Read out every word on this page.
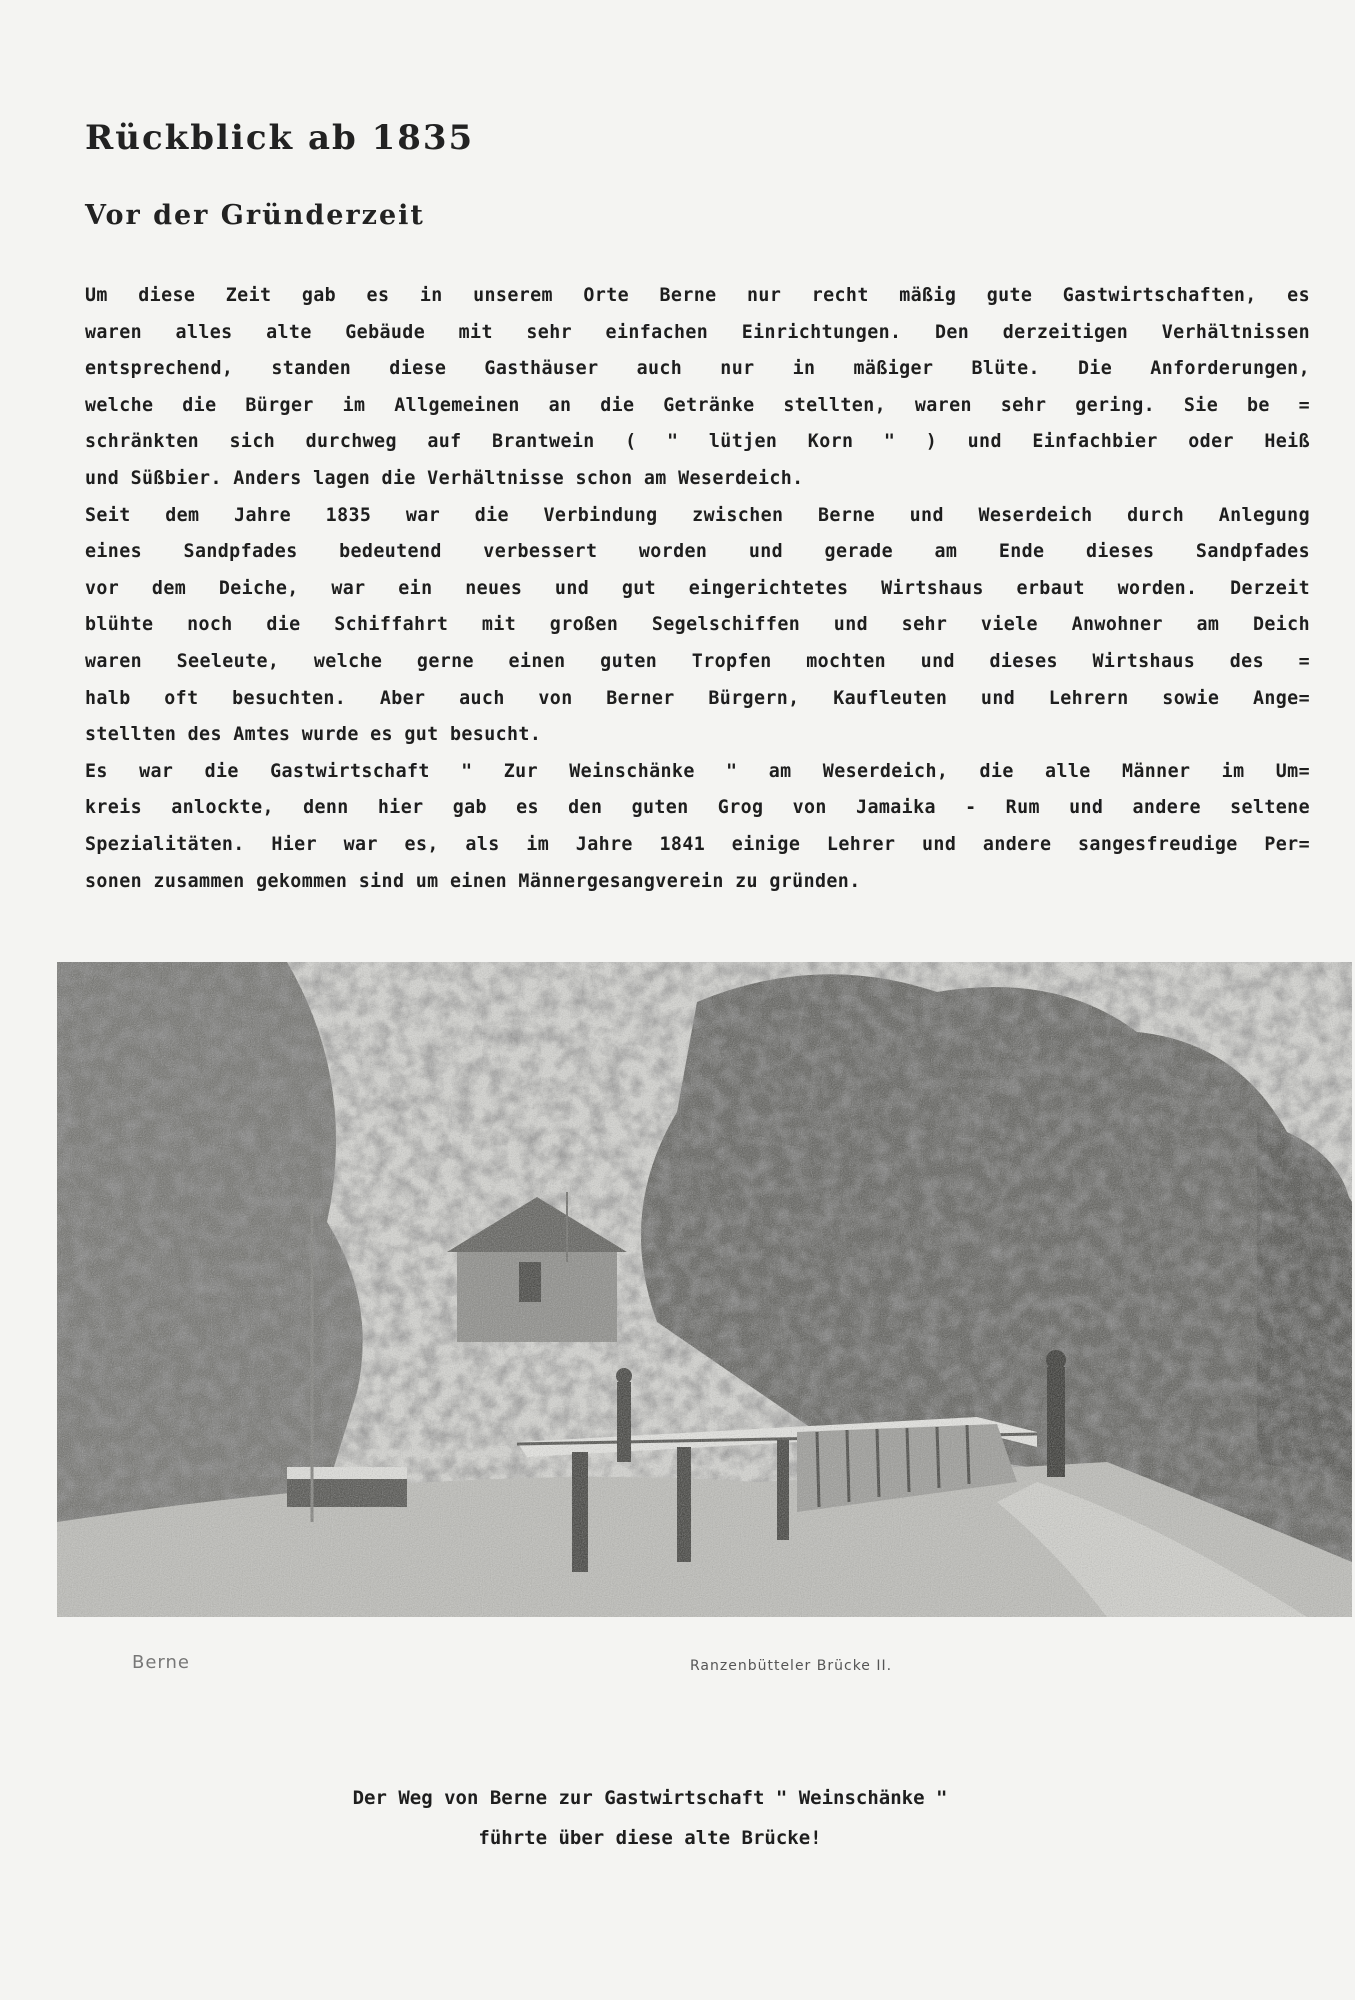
Rückblick ab 1835
Vor der Gründerzeit
Um diese Zeit gab es in unserem Orte Berne nur recht mäßig gute Gastwirtschaften, es
waren alles alte Gebäude mit sehr einfachen Einrichtungen. Den derzeitigen Verhältnissen
entsprechend, standen diese Gasthäuser auch nur in mäßiger Blüte. Die Anforderungen,
welche die Bürger im Allgemeinen an die Getränke stellten, waren sehr gering. Sie be =
schränkten sich durchweg auf Brantwein ( " lütjen Korn " ) und Einfachbier oder Heiß
und Süßbier. Anders lagen die Verhältnisse schon am Weserdeich.
Seit dem Jahre 1835 war die Verbindung zwischen Berne und Weserdeich durch Anlegung
eines Sandpfades bedeutend verbessert worden und gerade am Ende dieses Sandpfades
vor dem Deiche, war ein neues und gut eingerichtetes Wirtshaus erbaut worden. Derzeit
blühte noch die Schiffahrt mit großen Segelschiffen und sehr viele Anwohner am Deich
waren Seeleute, welche gerne einen guten Tropfen mochten und dieses Wirtshaus des =
halb oft besuchten. Aber auch von Berner Bürgern, Kaufleuten und Lehrern sowie Ange=
stellten des Amtes wurde es gut besucht.
Es war die Gastwirtschaft " Zur Weinschänke " am Weserdeich, die alle Männer im Um=
kreis anlockte, denn hier gab es den guten Grog von Jamaika - Rum und andere seltene
Spezialitäten. Hier war es, als im Jahre 1841 einige Lehrer und andere sangesfreudige Per=
sonen zusammen gekommen sind um einen Männergesangverein zu gründen.
Berne	Ranzenbütteler Brücke II.
Der Weg von Berne zur Gastwirtschaft " Weinschänke "
führte über diese alte Brücke!
